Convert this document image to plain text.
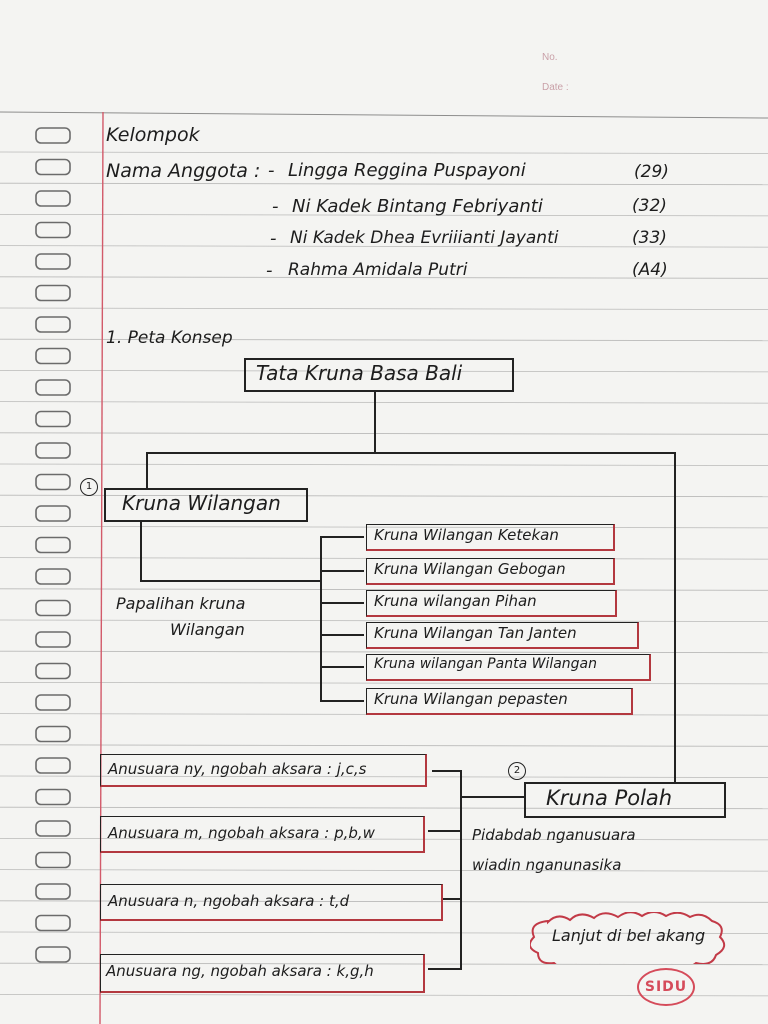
No.
Date :
Kelompok
Nama Anggota : Lingga Reggina Puspayoni	(29)
Ni Kadek Bintang Febriyanti	(32)
Ni Kadek Dhea Evriiianti Jayanti	(33)
Rahma Amidala Putri	(A4)
-
-
-
-
1. Peta Konsep
Tata Kruna Basa Bali
1
Kruna Wilangan
Papalihan kruna
Wilangan
Kruna Wilangan Ketekan
Kruna Wilangan Gebogan
Kruna wilangan Pihan
Kruna Wilangan Tan Janten
Kruna wilangan Panta Wilangan
Kruna Wilangan pepasten
2
Kruna Polah
Pidabdab nganusuara
wiadin nganunasika
Anusuara ny, ngobah aksara : j,c,s
Anusuara m, ngobah aksara : p,b,w
Anusuara n, ngobah aksara : t,d
Anusuara ng, ngobah aksara : k,g,h
Lanjut di bel akang
SIDU
